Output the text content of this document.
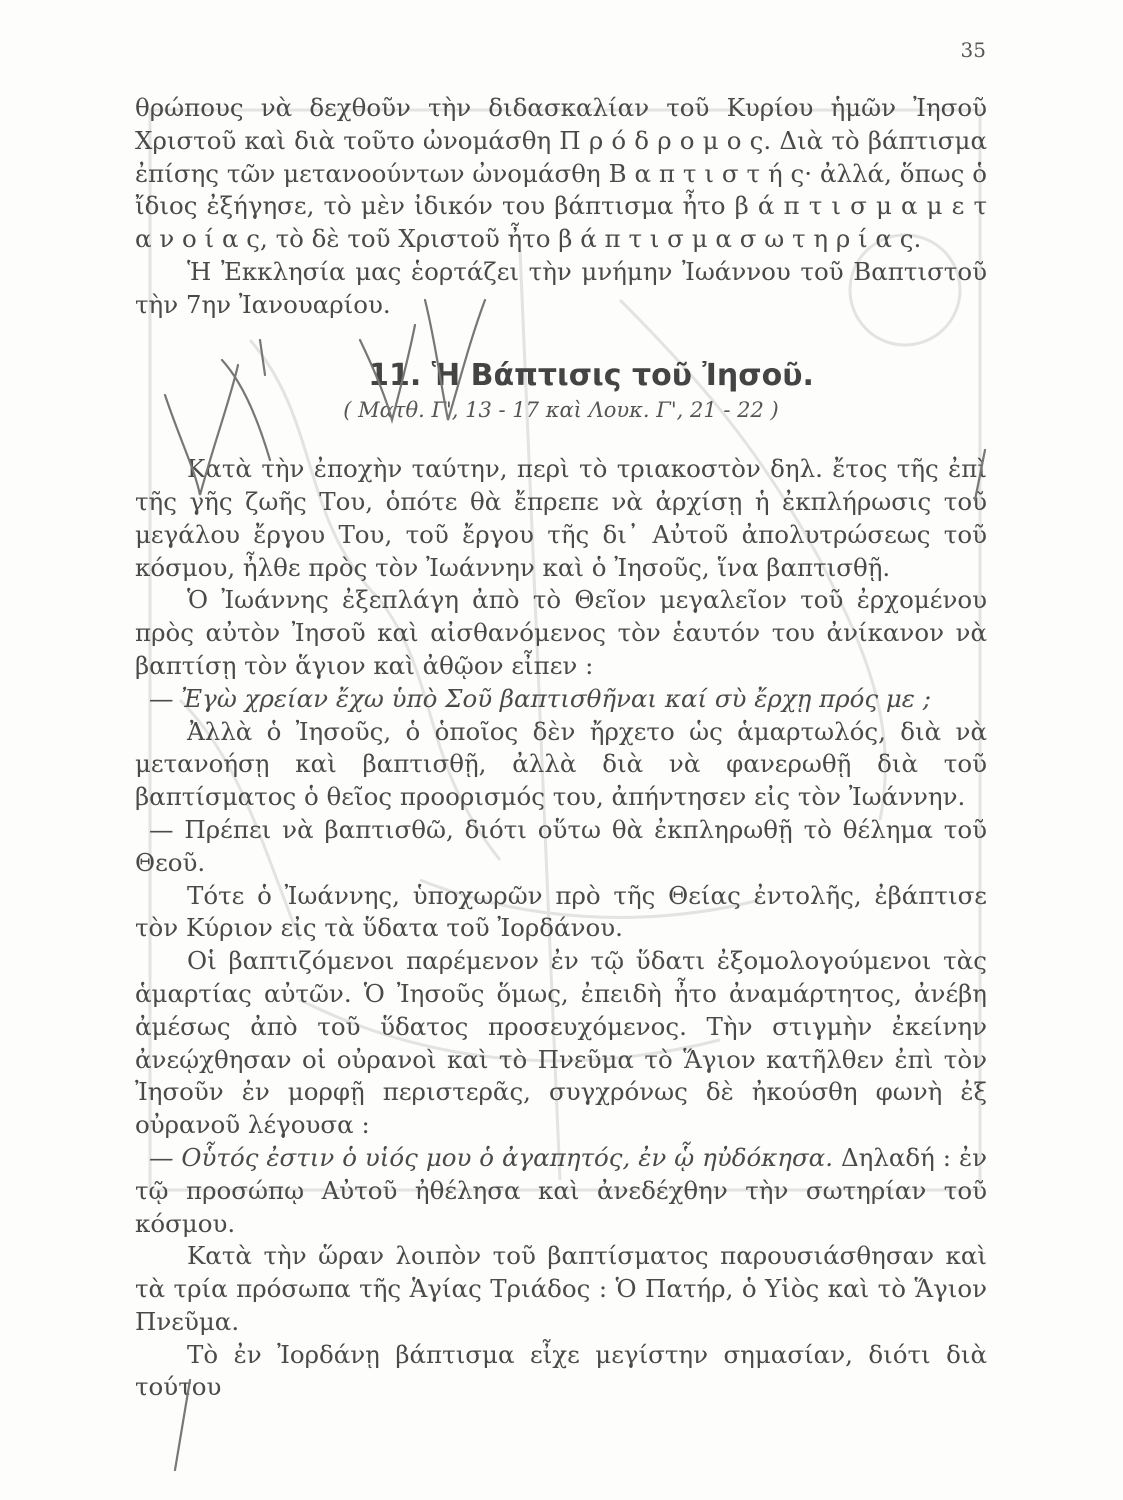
35

θρώπους νὰ δεχθοῦν τὴν διδασκαλίαν τοῦ Κυρίου ἡμῶν Ἰησοῦ Χριστοῦ καὶ διὰ τοῦτο ὠνομάσθη Π ρ ό δ ρ ο μ ο ς. Διὰ τὸ βάπτισμα ἐπίσης τῶν μετανοούντων ὠνομάσθη Β α π τ ι σ τ ή ς· ἀλλά, ὅπως ὁ ἴδιος ἐξήγησε, τὸ μὲν ἰδικόν του βάπτισμα ἦτο β ά π τ ι σ μ α μ ε τ α ν ο ί α ς, τὸ δὲ τοῦ Χριστοῦ ἦτο β ά π τ ι σ μ α σ ω τ η ρ ί α ς.

Ἡ Ἐκκλησία μας ἑορτάζει τὴν μνήμην Ἰωάννου τοῦ Βαπτιστοῦ τὴν 7ην Ἰανουαρίου.

11. Ἡ Βάπτισις τοῦ Ἰησοῦ.
( Ματθ. Γ', 13 - 17 καὶ Λουκ. Γ', 21 - 22 )

Κατὰ τὴν ἐποχὴν ταύτην, περὶ τὸ τριακοστὸν δηλ. ἔτος τῆς ἐπὶ τῆς γῆς ζωῆς Του, ὁπότε θὰ ἔπρεπε νὰ ἀρχίσῃ ἡ ἐκπλήρωσις τοῦ μεγάλου ἔργου Του, τοῦ ἔργου τῆς δι᾽ Αὐτοῦ ἀπολυτρώσεως τοῦ κόσμου, ἦλθε πρὸς τὸν Ἰωάννην καὶ ὁ Ἰησοῦς, ἵνα βαπτισθῇ.

Ὁ Ἰωάννης ἐξεπλάγη ἀπὸ τὸ Θεῖον μεγαλεῖον τοῦ ἐρχομένου πρὸς αὐτὸν Ἰησοῦ καὶ αἰσθανόμενος τὸν ἑαυτόν του ἀνίκανον νὰ βαπτίσῃ τὸν ἅγιον καὶ ἀθῷον εἶπεν :

— Ἐγὼ χρείαν ἔχω ὑπὸ Σοῦ βαπτισθῆναι καί σὺ ἔρχῃ πρός με ;

Ἀλλὰ ὁ Ἰησοῦς, ὁ ὁποῖος δὲν ἤρχετο ὡς ἁμαρτωλός, διὰ νὰ μετανοήσῃ καὶ βαπτισθῇ, ἀλλὰ διὰ νὰ φανερωθῇ διὰ τοῦ βαπτίσματος ὁ θεῖος προορισμός του, ἀπήντησεν εἰς τὸν Ἰωάννην.

— Πρέπει νὰ βαπτισθῶ, διότι οὕτω θὰ ἐκπληρωθῇ τὸ θέλημα τοῦ Θεοῦ.

Τότε ὁ Ἰωάννης, ὑποχωρῶν πρὸ τῆς Θείας ἐντολῆς, ἐβάπτισε τὸν Κύριον εἰς τὰ ὕδατα τοῦ Ἰορδάνου.

Οἱ βαπτιζόμενοι παρέμενον ἐν τῷ ὕδατι ἐξομολογούμενοι τὰς ἁμαρτίας αὐτῶν. Ὁ Ἰησοῦς ὅμως, ἐπειδὴ ἦτο ἀναμάρτητος, ἀνέβη ἀμέσως ἀπὸ τοῦ ὕδατος προσευχόμενος. Τὴν στιγμὴν ἐκείνην ἀνεῴχθησαν οἱ οὐρανοὶ καὶ τὸ Πνεῦμα τὸ Ἅγιον κατῆλθεν ἐπὶ τὸν Ἰησοῦν ἐν μορφῇ περιστερᾶς, συγχρόνως δὲ ἠκούσθη φωνὴ ἐξ οὐρανοῦ λέγουσα :

— Οὗτός ἐστιν ὁ υἱός μου ὁ ἀγαπητός, ἐν ᾧ ηὐδόκησα. Δηλαδή : ἐν τῷ προσώπῳ Αὐτοῦ ἠθέλησα καὶ ἀνεδέχθην τὴν σωτηρίαν τοῦ κόσμου.

Κατὰ τὴν ὥραν λοιπὸν τοῦ βαπτίσματος παρουσιάσθησαν καὶ τὰ τρία πρόσωπα τῆς Ἁγίας Τριάδος : Ὁ Πατήρ, ὁ Υἱὸς καὶ τὸ Ἅγιον Πνεῦμα.

Τὸ ἐν Ἰορδάνῃ βάπτισμα εἶχε μεγίστην σημασίαν, διότι διὰ τούτου
